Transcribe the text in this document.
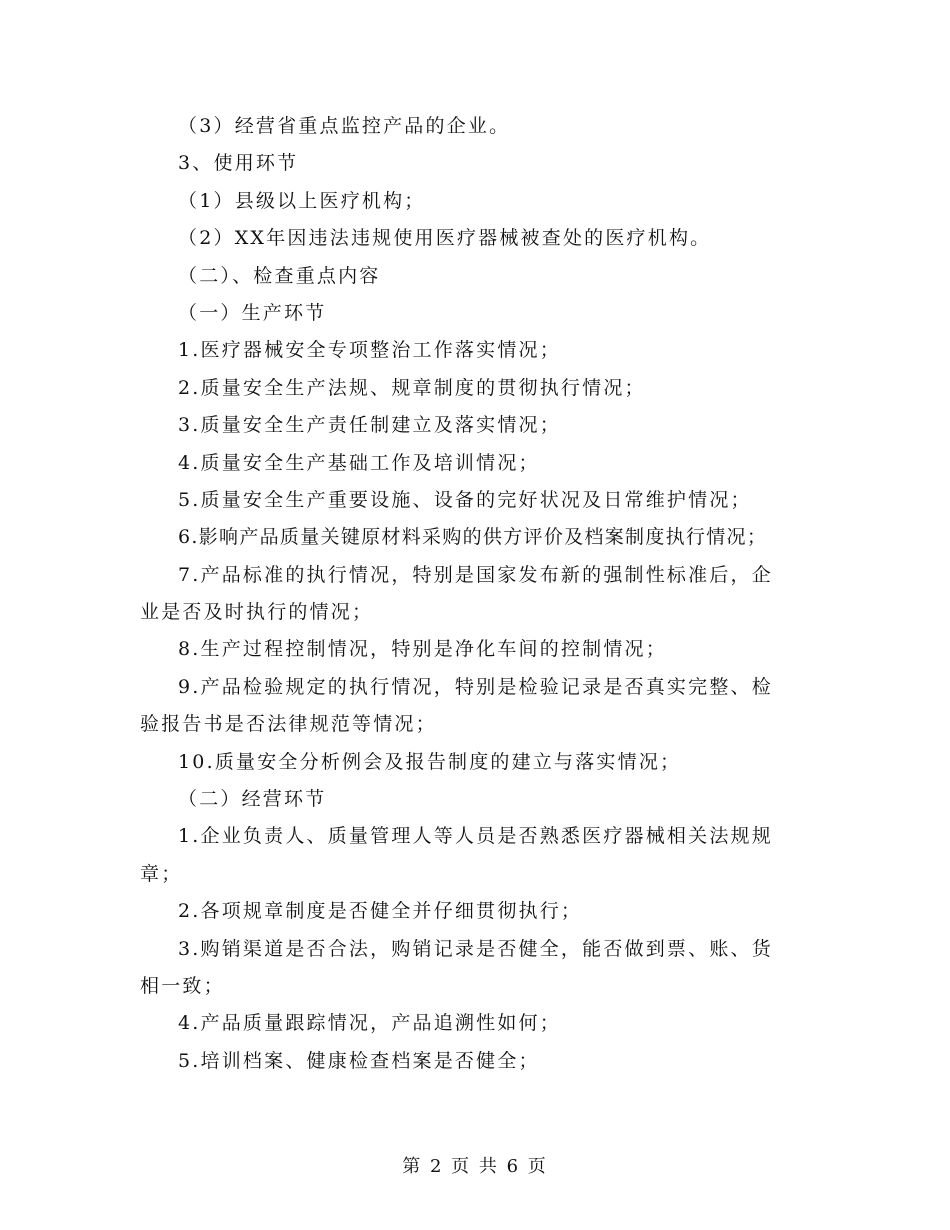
（3）经营省重点监控产品的企业。
3、使用环节
（1）县级以上医疗机构；
（2）XX年因违法违规使用医疗器械被查处的医疗机构。
（二）、检查重点内容
（一）生产环节
1.医疗器械安全专项整治工作落实情况；
2.质量安全生产法规、规章制度的贯彻执行情况；
3.质量安全生产责任制建立及落实情况；
4.质量安全生产基础工作及培训情况；
5.质量安全生产重要设施、设备的完好状况及日常维护情况；
6.影响产品质量关键原材料采购的供方评价及档案制度执行情况；
7.产品标准的执行情况，特别是国家发布新的强制性标准后，企
业是否及时执行的情况；
8.生产过程控制情况，特别是净化车间的控制情况；
9.产品检验规定的执行情况，特别是检验记录是否真实完整、检
验报告书是否法律规范等情况；
10.质量安全分析例会及报告制度的建立与落实情况；
（二）经营环节
1.企业负责人、质量管理人等人员是否熟悉医疗器械相关法规规
章；
2.各项规章制度是否健全并仔细贯彻执行；
3.购销渠道是否合法，购销记录是否健全，能否做到票、账、货
相一致；
4.产品质量跟踪情况，产品追溯性如何；
5.培训档案、健康检查档案是否健全；
第 2 页 共 6 页
